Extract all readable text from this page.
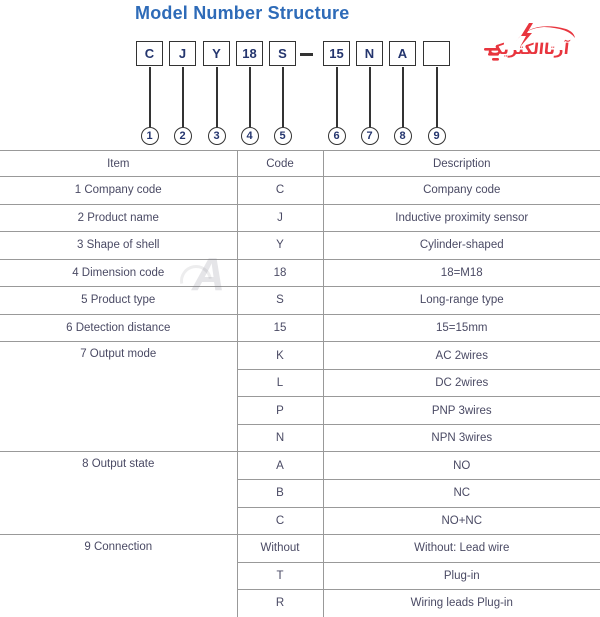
Model Number Structure
آرتاالکتریک
C
1
J
2
Y
3
18
4
S
5
15
6
N
7
A
8	9
A
Item	Code	Description
1 Company code	C	Company code
2 Product name	J	Inductive proximity sensor
3 Shape of shell	Y	Cylinder-shaped
4 Dimension code	18	18=M18
5 Product type	S	Long-range type
6 Detection distance	15	15=15mm
7 Output mode	K	AC 2wires
	L	DC 2wires
	P	PNP 3wires
	N	NPN 3wires
8 Output state	A	NO
	B	NC
	C	NO+NC
9 Connection	Without	Without: Lead wire
	T	Plug-in
	R	Wiring leads Plug-in
